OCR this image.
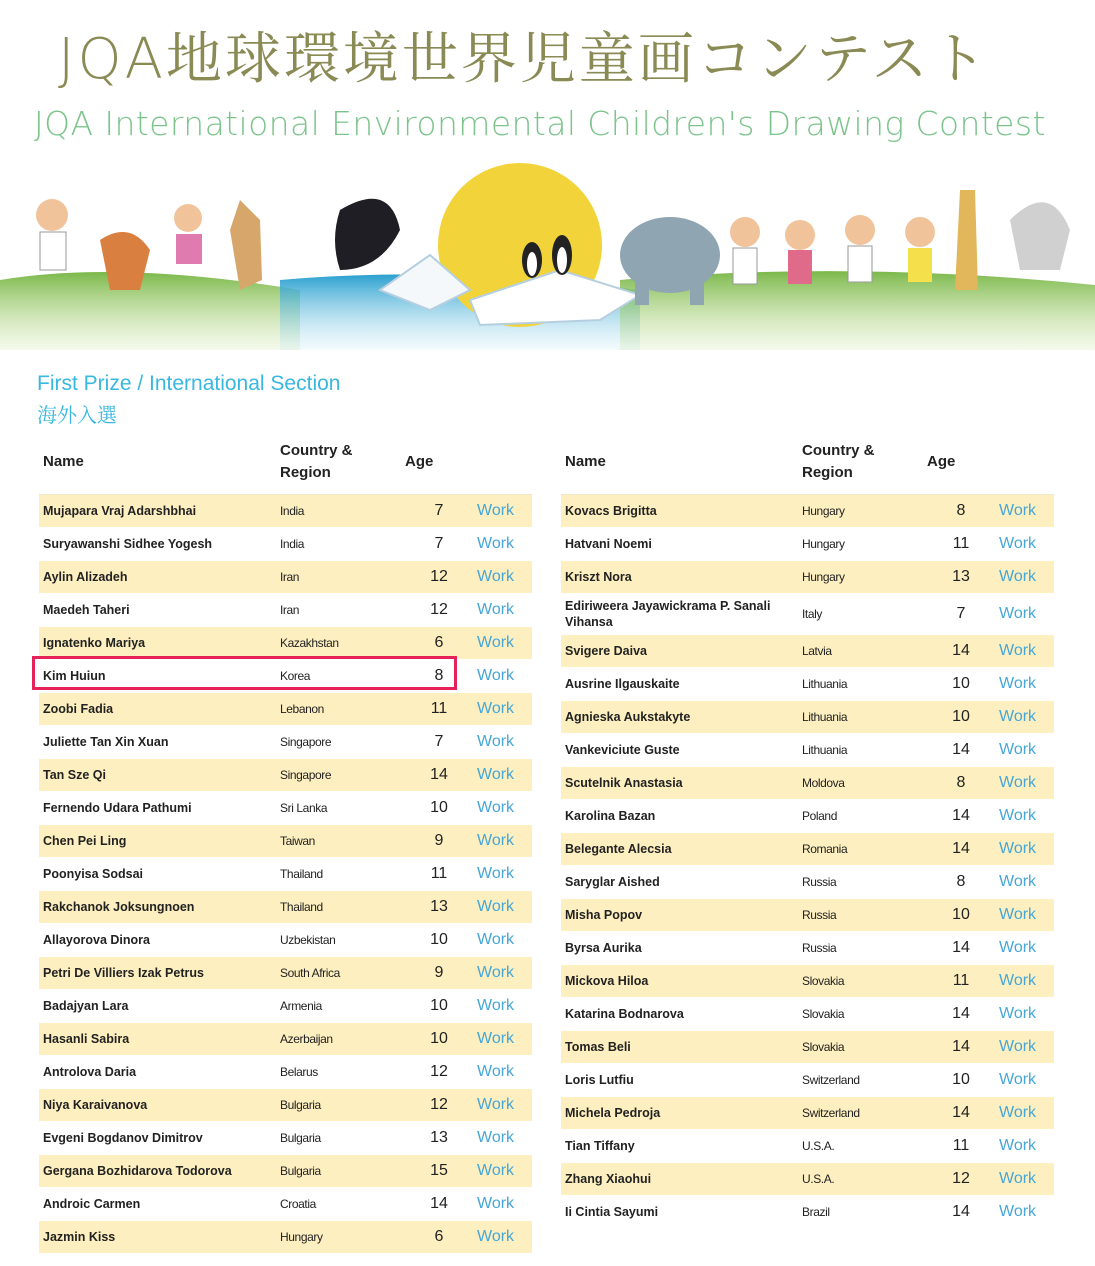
JQA地球環境世界児童画コンテスト
JQA International Environmental Children's Drawing Contest
First Prize / International Section
海外入選
Name	Country & Region	Age	
Mujapara Vraj Adarshbhai	India	7	Work
Suryawanshi Sidhee Yogesh	India	7	Work
Aylin Alizadeh	Iran	12	Work
Maedeh Taheri	Iran	12	Work
Ignatenko Mariya	Kazakhstan	6	Work
Kim Huiun	Korea	8	Work
Zoobi Fadia	Lebanon	11	Work
Juliette Tan Xin Xuan	Singapore	7	Work
Tan Sze Qi	Singapore	14	Work
Fernendo Udara Pathumi	Sri Lanka	10	Work
Chen Pei Ling	Taiwan	9	Work
Poonyisa Sodsai	Thailand	11	Work
Rakchanok Joksungnoen	Thailand	13	Work
Allayorova Dinora	Uzbekistan	10	Work
Petri De Villiers Izak Petrus	South Africa	9	Work
Badajyan Lara	Armenia	10	Work
Hasanli Sabira	Azerbaijan	10	Work
Antrolova Daria	Belarus	12	Work
Niya Karaivanova	Bulgaria	12	Work
Evgeni Bogdanov Dimitrov	Bulgaria	13	Work
Gergana Bozhidarova Todorova	Bulgaria	15	Work
Androic Carmen	Croatia	14	Work
Jazmin Kiss	Hungary	6	Work
Name	Country & Region	Age	
Kovacs Brigitta	Hungary	8	Work
Hatvani Noemi	Hungary	11	Work
Kriszt Nora	Hungary	13	Work
Ediriweera Jayawickrama P. Sanali Vihansa	Italy	7	Work
Svigere Daiva	Latvia	14	Work
Ausrine Ilgauskaite	Lithuania	10	Work
Agnieska Aukstakyte	Lithuania	10	Work
Vankeviciute Guste	Lithuania	14	Work
Scutelnik Anastasia	Moldova	8	Work
Karolina Bazan	Poland	14	Work
Belegante Alecsia	Romania	14	Work
Saryglar Aished	Russia	8	Work
Misha Popov	Russia	10	Work
Byrsa Aurika	Russia	14	Work
Mickova Hiloa	Slovakia	11	Work
Katarina Bodnarova	Slovakia	14	Work
Tomas Beli	Slovakia	14	Work
Loris Lutfiu	Switzerland	10	Work
Michela Pedroja	Switzerland	14	Work
Tian Tiffany	U.S.A.	11	Work
Zhang Xiaohui	U.S.A.	12	Work
Ii Cintia Sayumi	Brazil	14	Work
